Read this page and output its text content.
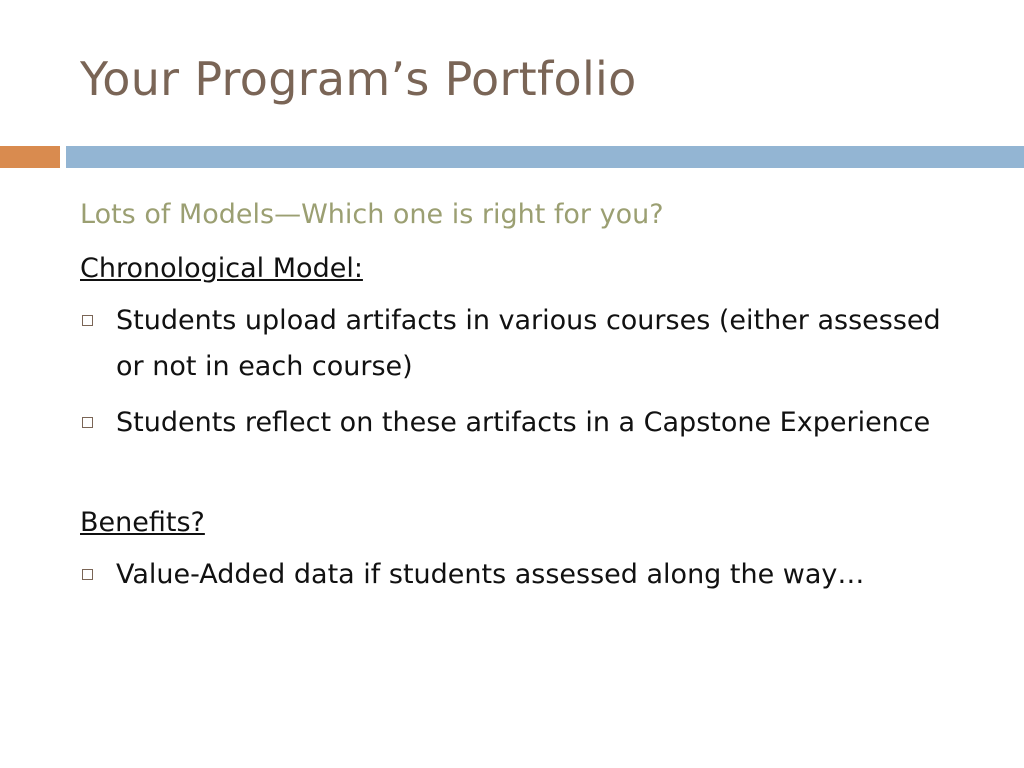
Your Program’s Portfolio
Lots of Models—Which one is right for you?
Chronological Model:
Students upload artifacts in various courses (either assessed or not in each course)
Students reflect on these artifacts in a Capstone Experience
Benefits?
Value-Added data if students assessed along the way…
